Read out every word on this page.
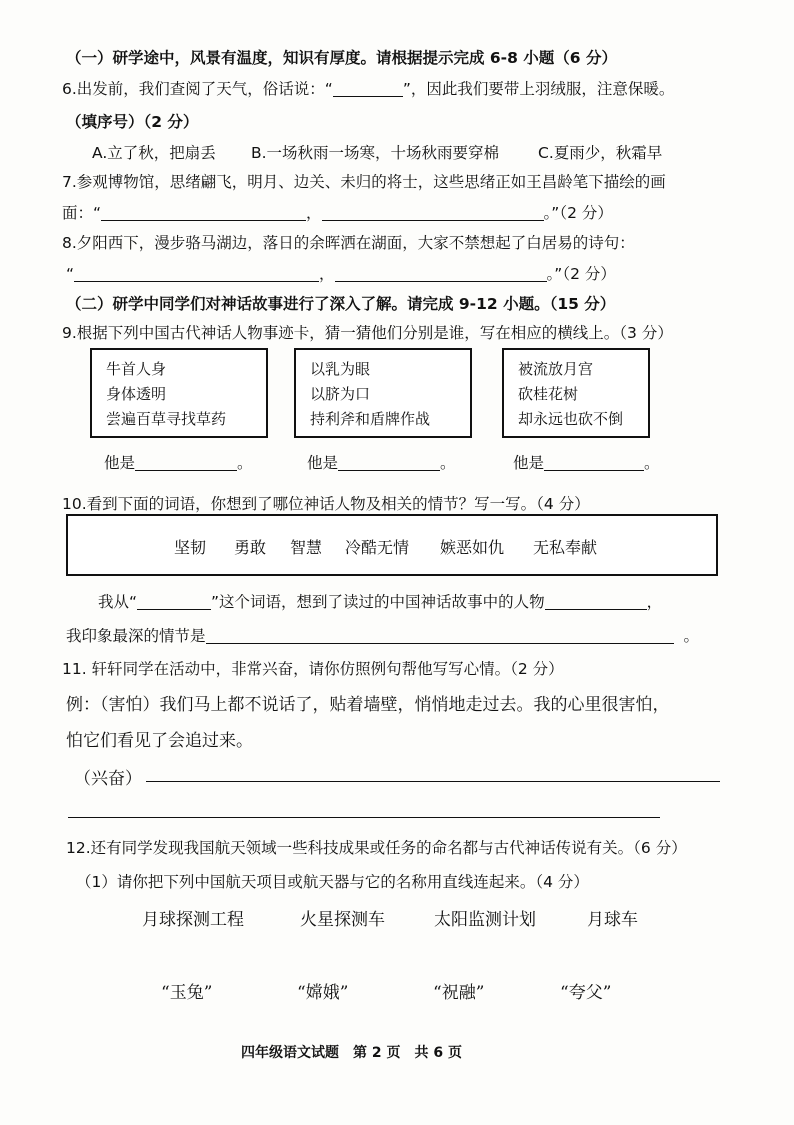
（一）研学途中，风景有温度，知识有厚度。请根据提示完成 6-8 小题（6 分）
6.出发前，我们查阅了天气，俗话说：“	”，因此我们要带上羽绒服，注意保暖。
（填序号）（2 分）
A.立了秋，把扇丢 B.一场秋雨一场寒，十场秋雨要穿棉	C.夏雨少，秋霜早
7.参观博物馆，思绪翩飞，明月、边关、未归的将士，这些思绪正如王昌龄笔下描绘的画
面：“	，	。”（2 分）
8.夕阳西下，漫步骆马湖边，落日的余晖洒在湖面，大家不禁想起了白居易的诗句：
“	，	。”（2 分）
（二）研学中同学们对神话故事进行了深入了解。请完成 9-12 小题。（15 分）
9.根据下列中国古代神话人物事迹卡，猜一猜他们分别是谁，写在相应的横线上。（3 分）
牛首人身
身体透明
尝遍百草寻找草药
以乳为眼
以脐为口
持利斧和盾牌作战
被流放月宫
砍桂花树
却永远也砍不倒
他是	。	他是	。	他是	。
10.看到下面的词语，你想到了哪位神话人物及相关的情节？写一写。（4 分）
坚韧 勇敢 智慧 冷酷无情 嫉恶如仇 无私奉献
我从“	”这个词语，想到了读过的中国神话故事中的人物	，
我印象最深的情节是	。
11. 轩轩同学在活动中，非常兴奋，请你仿照例句帮他写写心情。（2 分）
例：（害怕）我们马上都不说话了，贴着墙壁，悄悄地走过去。我的心里很害怕，
怕它们看见了会追过来。
（兴奋）
12.还有同学发现我国航天领域一些科技成果或任务的命名都与古代神话传说有关。（6 分）
（1）请你把下列中国航天项目或航天器与它的名称用直线连起来。（4 分）
月球探测工程	火星探测车	太阳监测计划	月球车
“玉兔”	“嫦娥”	“祝融”	“夸父”
四年级语文试题　第 2 页　共 6 页
